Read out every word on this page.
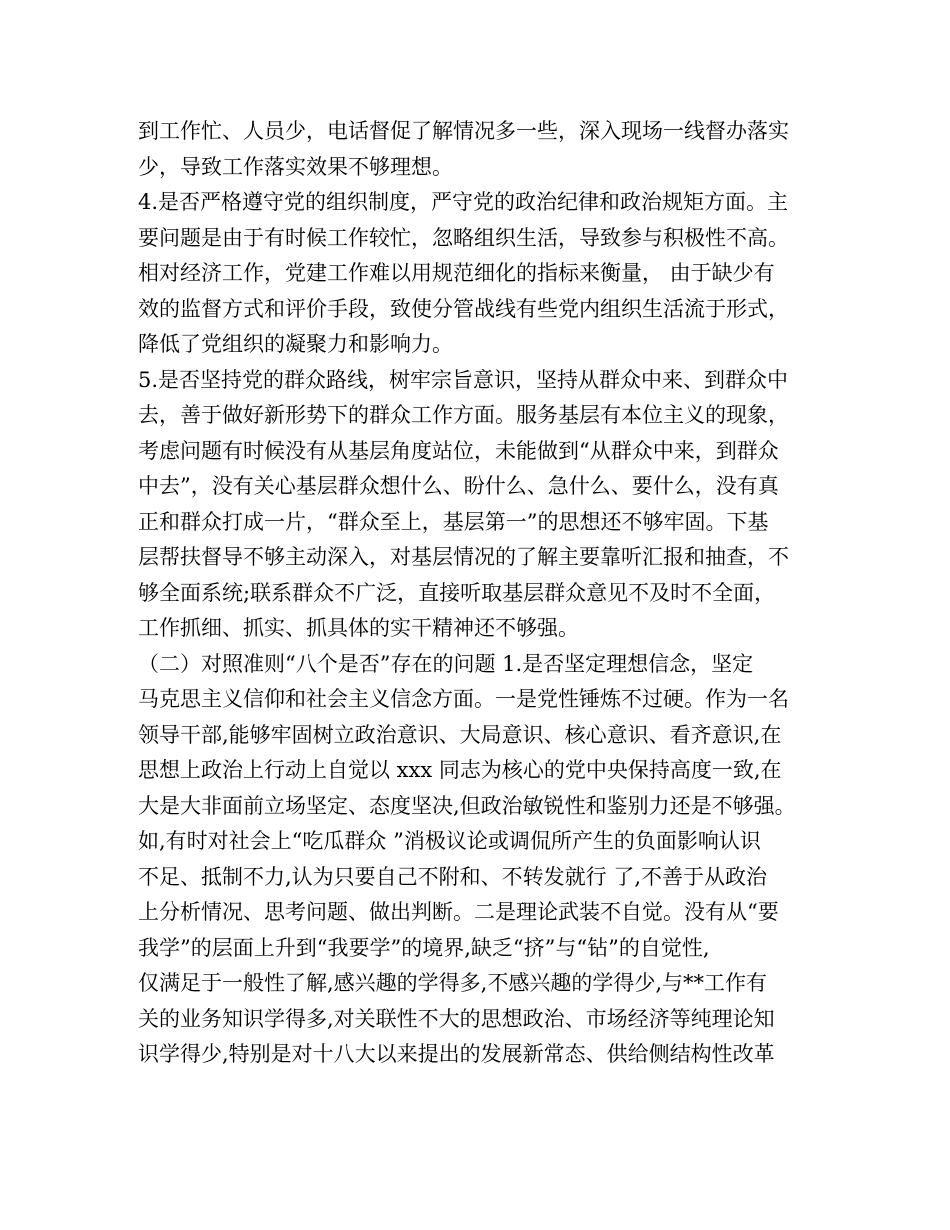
到工作忙、人员少，电话督促了解情况多一些，深入现场一线督办落实
少，导致工作落实效果不够理想。
4.是否严格遵守党的组织制度，严守党的政治纪律和政治规矩方面。主
要问题是由于有时候工作较忙，忽略组织生活，导致参与积极性不高。
相对经济工作，党建工作难以用规范细化的指标来衡量， 由于缺少有
效的监督方式和评价手段，致使分管战线有些党内组织生活流于形式，
降低了党组织的凝聚力和影响力。
5.是否坚持党的群众路线，树牢宗旨意识，坚持从群众中来、到群众中
去，善于做好新形势下的群众工作方面。服务基层有本位主义的现象，
考虑问题有时候没有从基层角度站位，未能做到“从群众中来，到群众
中去”，没有关心基层群众想什么、盼什么、急什么、要什么，没有真
正和群众打成一片，“群众至上，基层第一”的思想还不够牢固。下基
层帮扶督导不够主动深入，对基层情况的了解主要靠听汇报和抽查，不
够全面系统;联系群众不广泛，直接听取基层群众意见不及时不全面，
工作抓细、抓实、抓具体的实干精神还不够强。
（二）对照准则“八个是否”存在的问题 1.是否坚定理想信念，坚定
马克思主义信仰和社会主义信念方面。一是党性锤炼不过硬。作为一名
领导干部,能够牢固树立政治意识、大局意识、核心意识、看齐意识,在
思想上政治上行动上自觉以 xxx 同志为核心的党中央保持高度一致,在
大是大非面前立场坚定、态度坚决,但政治敏锐性和鉴别力还是不够强。
如,有时对社会上“吃瓜群众 ”消极议论或调侃所产生的负面影响认识
不足、抵制不力,认为只要自己不附和、不转发就行 了,不善于从政治
上分析情况、思考问题、做出判断。二是理论武装不自觉。没有从“要
我学”的层面上升到“我要学”的境界,缺乏“挤”与“钻”的自觉性,
仅满足于一般性了解,感兴趣的学得多,不感兴趣的学得少,与**工作有
关的业务知识学得多,对关联性不大的思想政治、市场经济等纯理论知
识学得少,特别是对十八大以来提出的发展新常态、供给侧结构性改革
